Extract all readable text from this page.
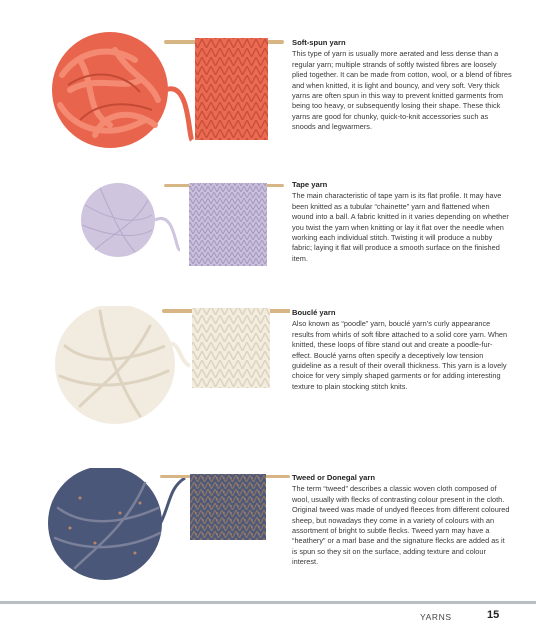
Soft-spun yarn

This type of yarn is usually more aerated and less dense than a regular yarn; multiple strands of softly twisted fibres are loosely plied together. It can be made from cotton, wool, or a blend of fibres and when knitted, it is light and bouncy, and very soft. Very thick yarns are often spun in this way to prevent knitted garments from being too heavy, or subsequently losing their shape. These thick yarns are good for chunky, quick-to-knit accessories such as snoods and legwarmers.

Tape yarn

The main characteristic of tape yarn is its flat profile. It may have been knitted as a tubular “chainette” yarn and flattened when wound into a ball. A fabric knitted in it varies depending on whether you twist the yarn when knitting or lay it flat over the needle when working each individual stitch. Twisting it will produce a nubby fabric; laying it flat will produce a smooth surface on the finished item.

Bouclé yarn

Also known as “poodle” yarn, bouclé yarn’s curly appearance results from whirls of soft fibre attached to a solid core yarn. When knitted, these loops of fibre stand out and create a poodle-fur-effect. Bouclé yarns often specify a deceptively low tension guideline as a result of their overall thickness. This yarn is a lovely choice for very simply shaped garments or for adding interesting texture to plain stocking stitch knits.

Tweed or Donegal yarn

The term “tweed” describes a classic woven cloth composed of wool, usually with flecks of contrasting colour present in the cloth. Original tweed was made of undyed fleeces from different coloured sheep, but nowadays they come in a variety of colours with an assortment of bright to subtle flecks. Tweed yarn may have a “heathery” or a marl base and the signature flecks are added as it is spun so they sit on the surface, adding texture and colour interest.

YARNS	15
